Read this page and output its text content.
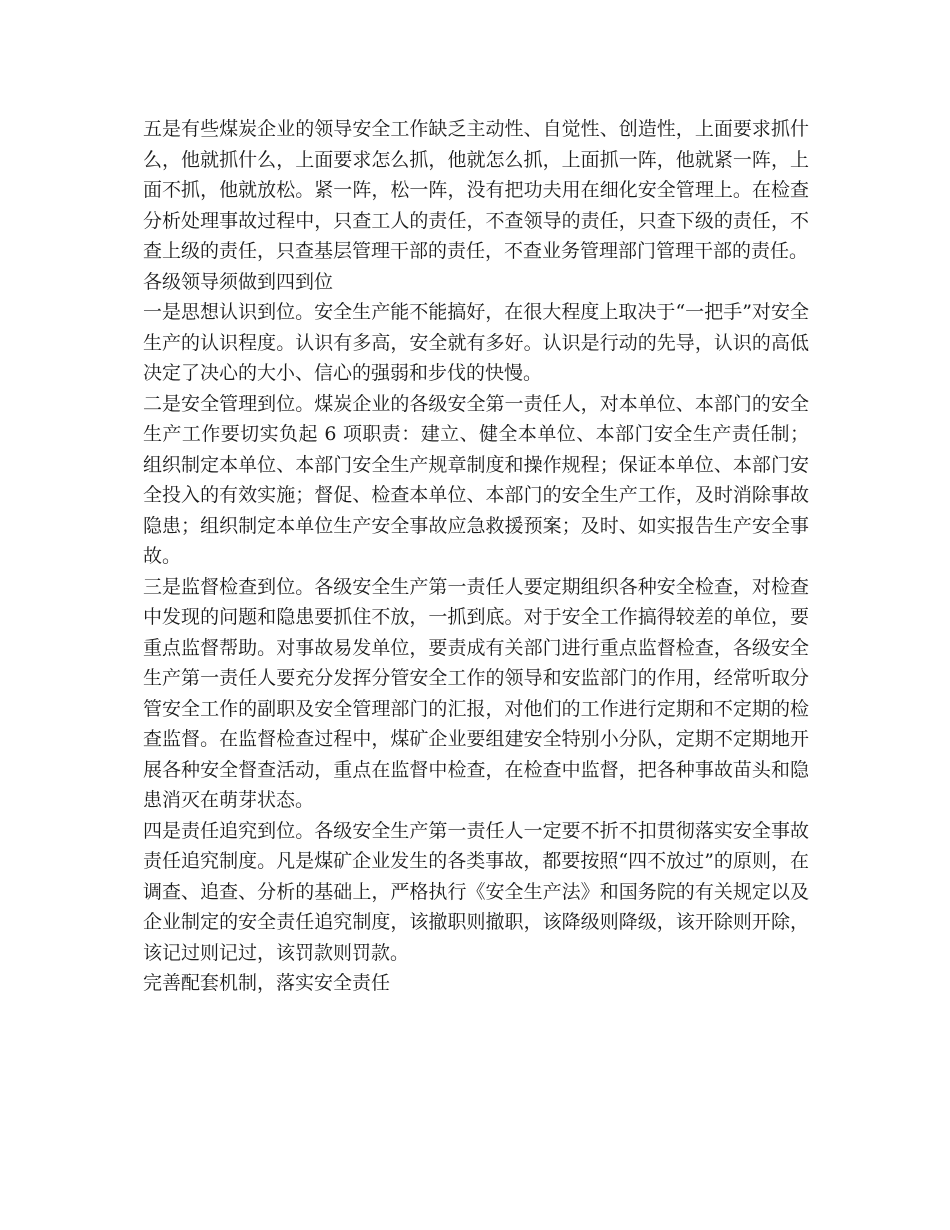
五是有些煤炭企业的领导安全工作缺乏主动性、自觉性、创造性，上面要求抓什么，他就抓什么，上面要求怎么抓，他就怎么抓，上面抓一阵，他就紧一阵，上面不抓，他就放松。紧一阵，松一阵，没有把功夫用在细化安全管理上。在检查分析处理事故过程中，只查工人的责任，不查领导的责任，只查下级的责任，不查上级的责任，只查基层管理干部的责任，不查业务管理部门管理干部的责任。

各级领导须做到四到位

一是思想认识到位。安全生产能不能搞好，在很大程度上取决于“一把手”对安全生产的认识程度。认识有多高，安全就有多好。认识是行动的先导，认识的高低决定了决心的大小、信心的强弱和步伐的快慢。

二是安全管理到位。煤炭企业的各级安全第一责任人，对本单位、本部门的安全生产工作要切实负起 6 项职责：建立、健全本单位、本部门安全生产责任制；组织制定本单位、本部门安全生产规章制度和操作规程；保证本单位、本部门安全投入的有效实施；督促、检查本单位、本部门的安全生产工作，及时消除事故隐患；组织制定本单位生产安全事故应急救援预案；及时、如实报告生产安全事故。

三是监督检查到位。各级安全生产第一责任人要定期组织各种安全检查，对检查中发现的问题和隐患要抓住不放，一抓到底。对于安全工作搞得较差的单位，要重点监督帮助。对事故易发单位，要责成有关部门进行重点监督检查，各级安全生产第一责任人要充分发挥分管安全工作的领导和安监部门的作用，经常听取分管安全工作的副职及安全管理部门的汇报，对他们的工作进行定期和不定期的检查监督。在监督检查过程中，煤矿企业要组建安全特别小分队，定期不定期地开展各种安全督查活动，重点在监督中检查，在检查中监督，把各种事故苗头和隐患消灭在萌芽状态。

四是责任追究到位。各级安全生产第一责任人一定要不折不扣贯彻落实安全事故责任追究制度。凡是煤矿企业发生的各类事故，都要按照“四不放过”的原则，在调查、追查、分析的基础上，严格执行《安全生产法》和国务院的有关规定以及企业制定的安全责任追究制度，该撤职则撤职，该降级则降级，该开除则开除，该记过则记过，该罚款则罚款。

完善配套机制，落实安全责任
